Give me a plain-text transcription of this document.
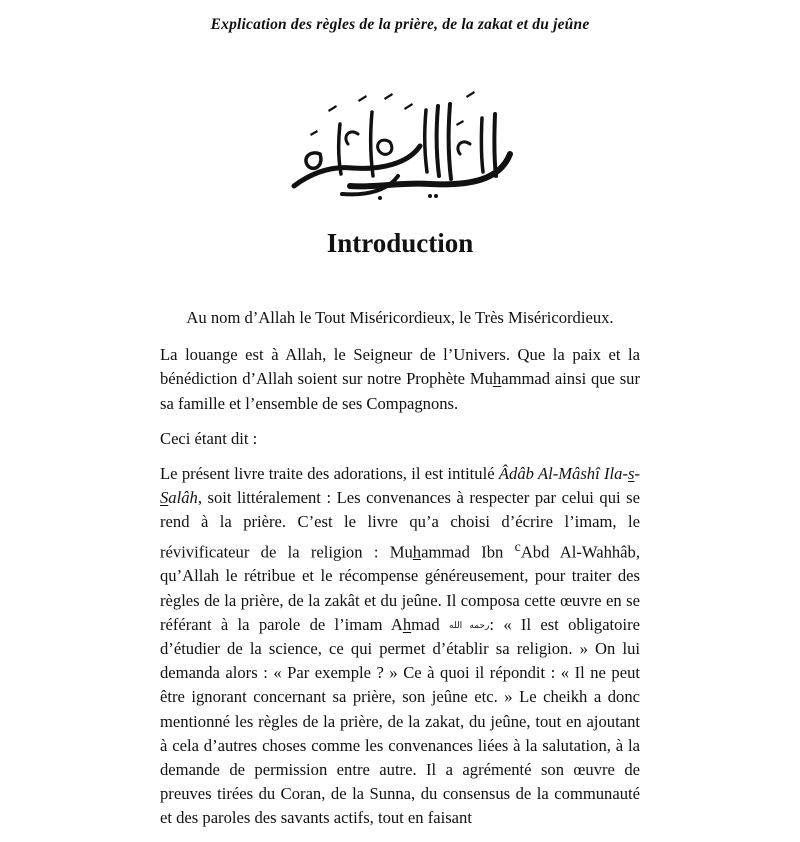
Explication des règles de la prière, de la zakat et du jeûne
Introduction

Au nom d’Allah le Tout Miséricordieux, le Très Miséricordieux.

La louange est à Allah, le Seigneur de l’Univers. Que la paix et la bénédiction d’Allah soient sur notre Prophète Muhammad ainsi que sur sa famille et l’ensemble de ses Compagnons.

Ceci étant dit :

Le présent livre traite des adorations, il est intitulé Âdâb Al-Mâshî Ila-s-Salâh, soit littéralement : Les convenances à respecter par celui qui se rend à la prière. C’est le livre qu’a choisi d’écrire l’imam, le révivificateur de la religion : Muhammad Ibn $^c$Abd Al-Wahhâb, qu’Allah le rétribue et le récompense généreusement, pour traiter des règles de la prière, de la zakât et du jeûne. Il composa cette œuvre en se référant à la parole de l’imam Ahmad رحمه الله: « Il est obligatoire d’étudier de la science, ce qui permet d’établir sa religion. » On lui demanda alors : « Par exemple ? » Ce à quoi il répondit : « Il ne peut être ignorant concernant sa prière, son jeûne etc. » Le cheikh a donc mentionné les règles de la prière, de la zakat, du jeûne, tout en ajoutant à cela d’autres choses comme les convenances liées à la salutation, à la demande de permission entre autre. Il a agrémenté son œuvre de preuves tirées du Coran, de la Sunna, du consensus de la communauté et des paroles des savants actifs, tout en faisant
